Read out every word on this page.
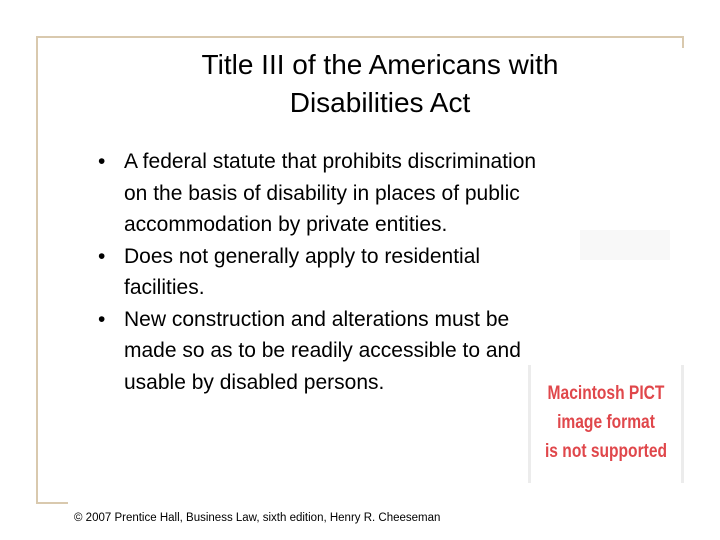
Title III of the Americans with
Disabilities Act
• A federal statute that prohibits discrimination on the basis of disability in places of public accommodation by private entities.
• Does not generally apply to residential facilities.
• New construction and alterations must be made so as to be readily accessible to and usable by disabled persons.	Macintosh PICT
image format
is not supported
© 2007 Prentice Hall, Business Law, sixth edition, Henry R. Cheeseman
